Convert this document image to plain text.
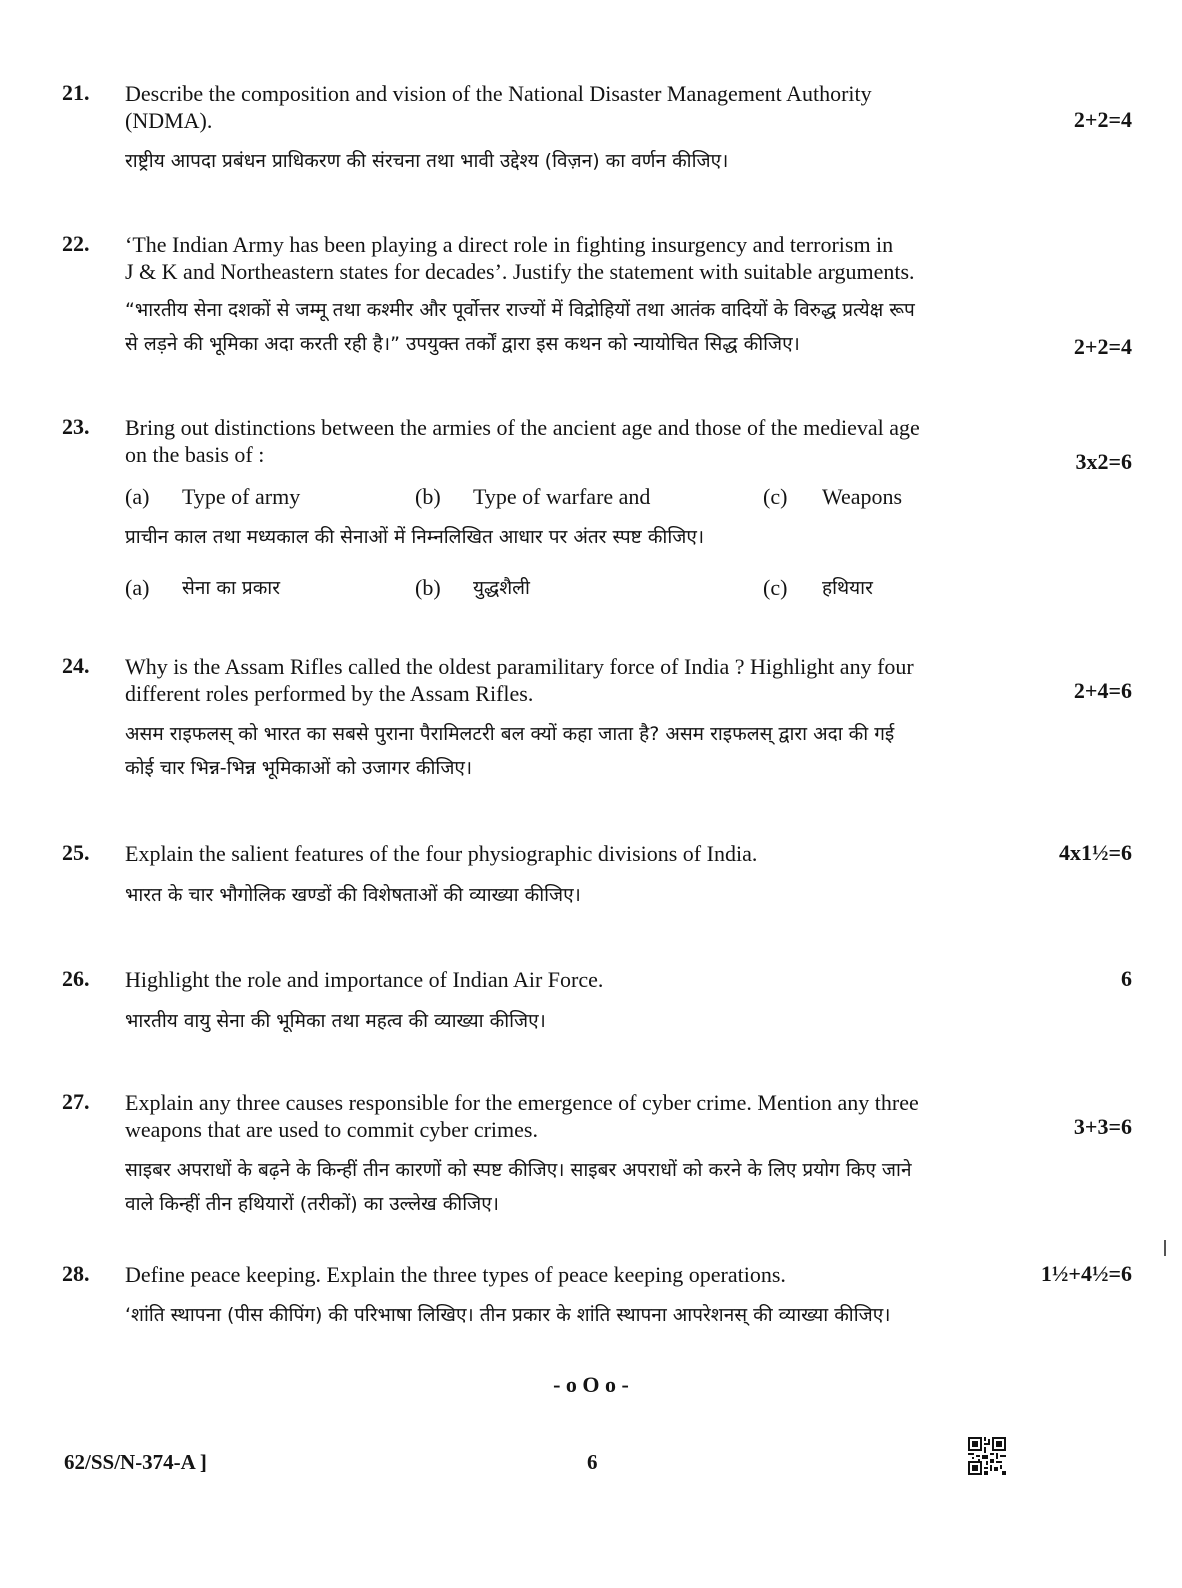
21. Describe the composition and vision of the National Disaster Management Authority
(NDMA).	2+2=4
राष्ट्रीय आपदा प्रबंधन प्राधिकरण की संरचना तथा भावी उद्देश्य (विज़न) का वर्णन कीजिए।
22. ‘The Indian Army has been playing a direct role in fighting insurgency and terrorism in
J & K and Northeastern states for decades’. Justify the statement with suitable arguments.
“भारतीय सेना दशकों से जम्मू तथा कश्मीर और पूर्वोत्तर राज्यों में विद्रोहियों तथा आतंक वादियों के विरुद्ध प्रत्येक्ष रूप
से लड़ने की भूमिका अदा करती रही है।” उपयुक्त तर्कों द्वारा इस कथन को न्यायोचित सिद्ध कीजिए।	2+2=4
23. Bring out distinctions between the armies of the ancient age and those of the medieval age
on the basis of :	3x2=6
(a) Type of army	(b) Type of warfare and	(c) Weapons
प्राचीन काल तथा मध्यकाल की सेनाओं में निम्नलिखित आधार पर अंतर स्पष्ट कीजिए।
(a) सेना का प्रकार	(b) युद्धशैली	(c) हथियार
24. Why is the Assam Rifles called the oldest paramilitary force of India ? Highlight any four
different roles performed by the Assam Rifles.	2+4=6
असम राइफलस् को भारत का सबसे पुराना पैरामिलटरी बल क्यों कहा जाता है? असम राइफलस् द्वारा अदा की गई
कोई चार भिन्न-भिन्न भूमिकाओं को उजागर कीजिए।
25. Explain the salient features of the four physiographic divisions of India.	4x1½=6
भारत के चार भौगोलिक खण्डों की विशेषताओं की व्याख्या कीजिए।
26. Highlight the role and importance of Indian Air Force.	6
भारतीय वायु सेना की भूमिका तथा महत्व की व्याख्या कीजिए।
27. Explain any three causes responsible for the emergence of cyber crime. Mention any three
weapons that are used to commit cyber crimes.	3+3=6
साइबर अपराधों के बढ़ने के किन्हीं तीन कारणों को स्पष्ट कीजिए। साइबर अपराधों को करने के लिए प्रयोग किए जाने
वाले किन्हीं तीन हथियारों (तरीकों) का उल्लेख कीजिए।
28. Define peace keeping. Explain the three types of peace keeping operations.	1½+4½=6
‘शांति स्थापना (पीस कीपिंग) की परिभाषा लिखिए। तीन प्रकार के शांति स्थापना आपरेशनस् की व्याख्या कीजिए।
- o O o -
62/SS/N-374-A ]	6
